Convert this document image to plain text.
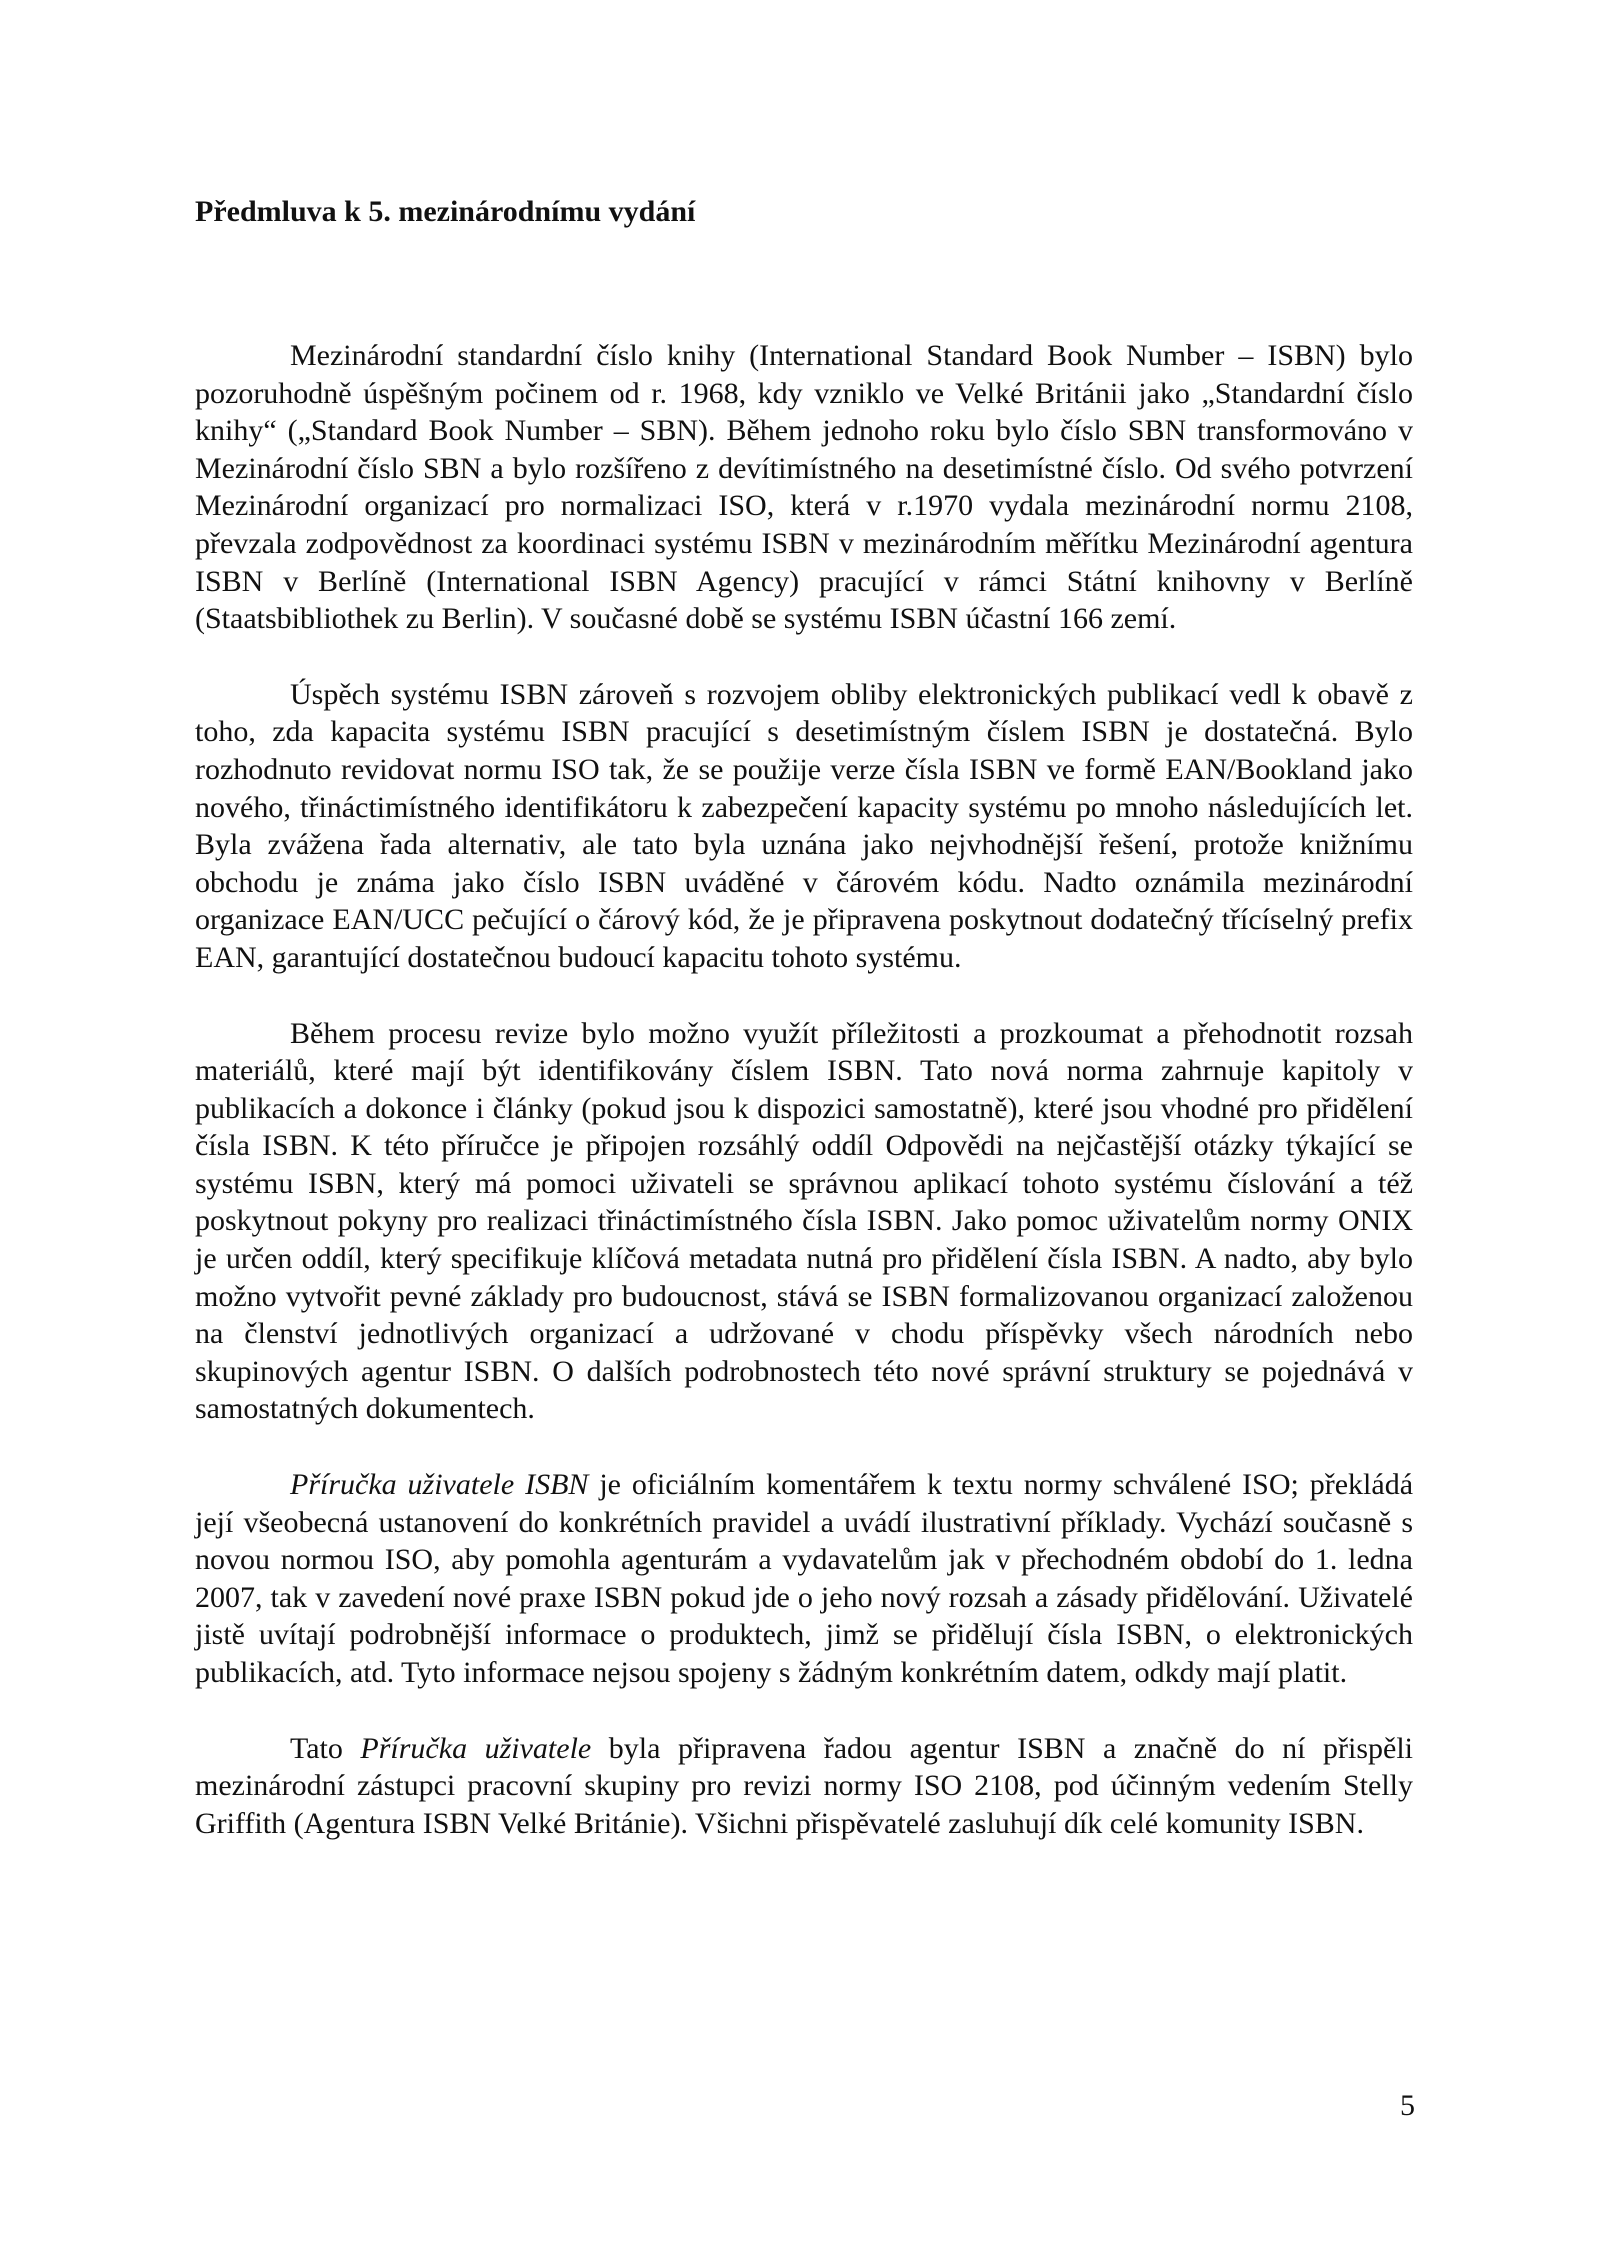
Předmluva k 5. mezinárodnímu vydání

Mezinárodní standardní číslo knihy (International Standard Book Number – ISBN) bylo pozoruhodně úspěšným počinem od r. 1968, kdy vzniklo ve Velké Británii jako „Standardní číslo knihy“ („Standard Book Number – SBN). Během jednoho roku bylo číslo SBN transformováno v Mezinárodní číslo SBN a bylo rozšířeno z devítimístného na desetimístné číslo. Od svého potvrzení Mezinárodní organizací pro normalizaci ISO, která v r.1970 vydala mezinárodní normu 2108, převzala zodpovědnost za koordinaci systému ISBN v mezinárodním měřítku Mezinárodní agentura ISBN v Berlíně (International ISBN Agency) pracující v rámci Státní knihovny v Berlíně (Staatsbibliothek zu Berlin). V současné době se systému ISBN účastní 166 zemí.

Úspěch systému ISBN zároveň s rozvojem obliby elektronických publikací vedl k obavě z toho, zda kapacita systému ISBN pracující s desetimístným číslem ISBN je dostatečná. Bylo rozhodnuto revidovat normu ISO tak, že se použije verze čísla ISBN ve formě EAN/Bookland jako nového, třináctimístného identifikátoru k zabezpečení kapacity systému po mnoho následujících let. Byla zvážena řada alternativ, ale tato byla uznána jako nejvhodnější řešení, protože knižnímu obchodu je známa jako číslo ISBN uváděné v čárovém kódu. Nadto oznámila mezinárodní organizace EAN/UCC pečující o čárový kód, že je připravena poskytnout dodatečný třícíselný prefix EAN, garantující dostatečnou budoucí kapacitu tohoto systému.

Během procesu revize bylo možno využít příležitosti a prozkoumat a přehodnotit rozsah materiálů, které mají být identifikovány číslem ISBN. Tato nová norma zahrnuje kapitoly v publikacích a dokonce i články (pokud jsou k dispozici samostatně), které jsou vhodné pro přidělení čísla ISBN. K této příručce je připojen rozsáhlý oddíl Odpovědi na nejčastější otázky týkající se systému ISBN, který má pomoci uživateli se správnou aplikací tohoto systému číslování a též poskytnout pokyny pro realizaci třináctimístného čísla ISBN. Jako pomoc uživatelům normy ONIX je určen oddíl, který specifikuje klíčová metadata nutná pro přidělení čísla ISBN. A nadto, aby bylo možno vytvořit pevné základy pro budoucnost, stává se ISBN formalizovanou organizací založenou na členství jednotlivých organizací a udržované v chodu příspěvky všech národních nebo skupinových agentur ISBN. O dalších podrobnostech této nové správní struktury se pojednává v samostatných dokumentech.

Příručka uživatele ISBN je oficiálním komentářem k textu normy schválené ISO; překládá její všeobecná ustanovení do konkrétních pravidel a uvádí ilustrativní příklady. Vychází současně s novou normou ISO, aby pomohla agenturám a vydavatelům jak v přechodném období do 1. ledna 2007, tak v zavedení nové praxe ISBN pokud jde o jeho nový rozsah a zásady přidělování. Uživatelé jistě uvítají podrobnější informace o produktech, jimž se přidělují čísla ISBN, o elektronických publikacích, atd. Tyto informace nejsou spojeny s žádným konkrétním datem, odkdy mají platit.

Tato Příručka uživatele byla připravena řadou agentur ISBN a značně do ní přispěli mezinárodní zástupci pracovní skupiny pro revizi normy ISO 2108, pod účinným vedením Stelly Griffith (Agentura ISBN Velké Británie). Všichni přispěvatelé zasluhují dík celé komunity ISBN.

5
